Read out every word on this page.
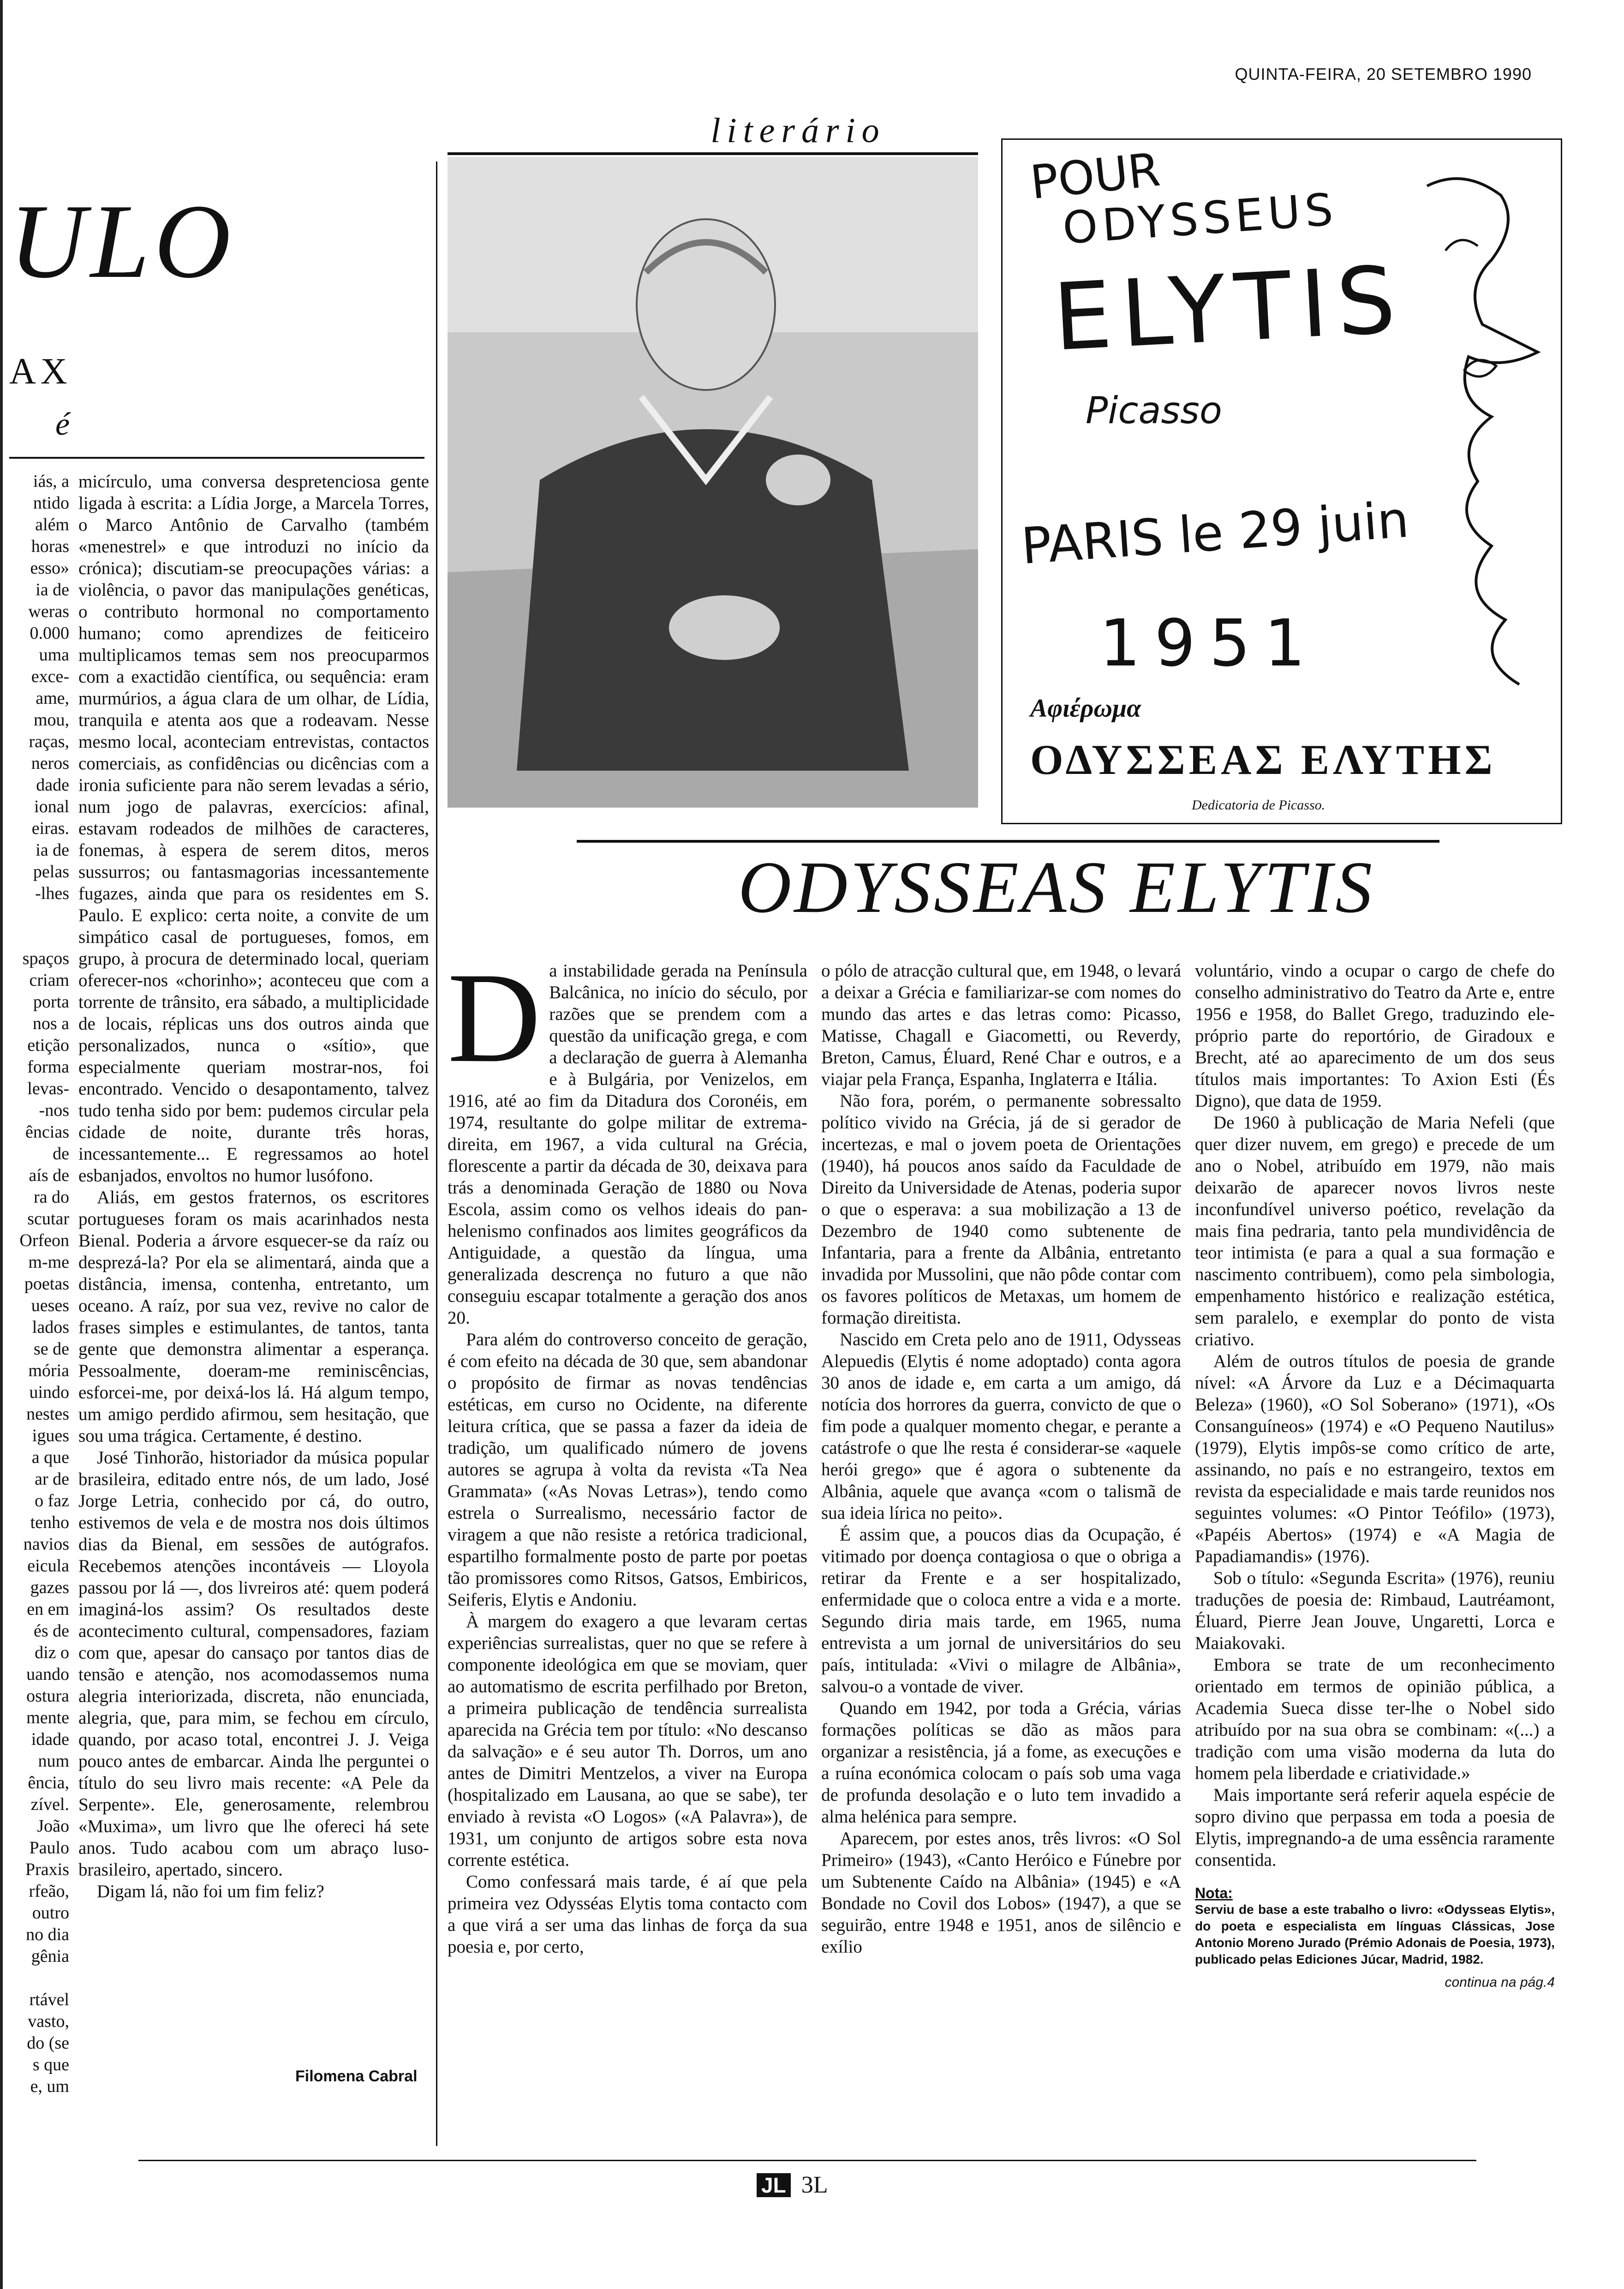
QUINTA-FEIRA, 20 SETEMBRO 1990
literário
ULO
AX
é
iás, a
ntido
além
horas
esso»
ia de
weras
0.000
uma
exce-
ame,
mou,
raças,
neros
dade
ional
eiras.
ia de
pelas
-lhes

spaços
criam
porta
nos a
etição
forma
levas-
-nos
ências
de
aís de
ra do
scutar
Orfeon
m-me
poetas
ueses
lados
se de
mória
uindo
nestes
igues
a que
ar de
o faz
tenho
navios
eicula
gazes
en em
és de
diz o
uando
ostura
mente
idade
num
ência,
zível.
João
Paulo
Praxis
rfeão,
outro
no dia
gênia

rtável
vasto,
do (se
s que
e, um

micírculo, uma conversa despretenciosa gente ligada à escrita: a Lídia Jorge, a Marcela Torres, o Marco Antônio de Carvalho (também «menestrel» e que introduzi no início da crónica); discutiam-se preocupações várias: a violência, o pavor das manipulações genéticas, o contributo hormonal no comportamento humano; como aprendizes de feiticeiro multiplicamos temas sem nos preocuparmos com a exactidão científica, ou sequência: eram murmúrios, a água clara de um olhar, de Lídia, tranquila e atenta aos que a rodeavam. Nesse mesmo local, aconteciam entrevistas, contactos comerciais, as confidências ou dicências com a ironia suficiente para não serem levadas a sério, num jogo de palavras, exercícios: afinal, estavam rodeados de milhões de caracteres, fonemas, à espera de serem ditos, meros sussurros; ou fantasmagorias incessantemente fugazes, ainda que para os residentes em S. Paulo. E explico: certa noite, a convite de um simpático casal de portugueses, fomos, em grupo, à procura de determinado local, queriam oferecer-nos «chorinho»; aconteceu que com a torrente de trânsito, era sábado, a multiplicidade de locais, réplicas uns dos outros ainda que personalizados, nunca o «sítio», que especialmente queriam mostrar-nos, foi encontrado. Vencido o desapontamento, talvez tudo tenha sido por bem: pudemos circular pela cidade de noite, durante três horas, incessantemente... E regressamos ao hotel esbanjados, envoltos no humor lusófono.

Aliás, em gestos fraternos, os escritores portugueses foram os mais acarinhados nesta Bienal. Poderia a árvore esquecer-se da raíz ou desprezá-la? Por ela se alimentará, ainda que a distância, imensa, contenha, entretanto, um oceano. A raíz, por sua vez, revive no calor de frases simples e estimulantes, de tantos, tanta gente que demonstra alimentar a esperança. Pessoalmente, doeram-me reminiscências, esforcei-me, por deixá-los lá. Há algum tempo, um amigo perdido afirmou, sem hesitação, que sou uma trágica. Certamente, é destino.

José Tinhorão, historiador da música popular brasileira, editado entre nós, de um lado, José Jorge Letria, conhecido por cá, do outro, estivemos de vela e de mostra nos dois últimos dias da Bienal, em sessões de autógrafos. Recebemos atenções incontáveis — Lloyola passou por lá —, dos livreiros até: quem poderá imaginá-los assim? Os resultados deste acontecimento cultural, compensadores, faziam com que, apesar do cansaço por tantos dias de tensão e atenção, nos acomodassemos numa alegria interiorizada, discreta, não enunciada, alegria, que, para mim, se fechou em círculo, quando, por acaso total, encontrei J. J. Veiga pouco antes de embarcar. Ainda lhe perguntei o título do seu livro mais recente: «A Pele da Serpente». Ele, generosamente, relembrou «Muxima», um livro que lhe ofereci há sete anos. Tudo acabou com um abraço luso-brasileiro, apertado, sincero.

Digam lá, não foi um fim feliz?

Filomena Cabral
POUR
ODYSSEUS
ELYTIS
Picasso
PARIS le 29 juin
1951
Αφιέρωμα
ΟΔΥΣΣΕΑΣ ΕΛΥΤΗΣ
Dedicatoria de Picasso.
ODYSSEAS ELYTIS
D a instabilidade gerada na Península Balcânica, no início do século, por razões que se prendem com a questão da unificação grega, e com a declaração de guerra à Alemanha e à Bulgária, por Venizelos, em 1916, até ao fim da Ditadura dos Coronéis, em 1974, resultante do golpe militar de extrema-direita, em 1967, a vida cultural na Grécia, florescente a partir da década de 30, deixava para trás a denominada Geração de 1880 ou Nova Escola, assim como os velhos ideais do pan-helenismo confinados aos limites geográficos da Antiguidade, a questão da língua, uma generalizada descrença no futuro a que não conseguiu escapar totalmente a geração dos anos 20.

Para além do controverso conceito de geração, é com efeito na década de 30 que, sem abandonar o propósito de firmar as novas tendências estéticas, em curso no Ocidente, na diferente leitura crítica, que se passa a fazer da ideia de tradição, um qualificado número de jovens autores se agrupa à volta da revista «Ta Nea Grammata» («As Novas Letras»), tendo como estrela o Surrealismo, necessário factor de viragem a que não resiste a retórica tradicional, espartilho formalmente posto de parte por poetas tão promissores como Ritsos, Gatsos, Embiricos, Seiferis, Elytis e Andoniu.

À margem do exagero a que levaram certas experiências surrealistas, quer no que se refere à componente ideológica em que se moviam, quer ao automatismo de escrita perfilhado por Breton, a primeira publicação de tendência surrealista aparecida na Grécia tem por título: «No descanso da salvação» e é seu autor Th. Dorros, um ano antes de Dimitri Mentzelos, a viver na Europa (hospitalizado em Lausana, ao que se sabe), ter enviado à revista «O Logos» («A Palavra»), de 1931, um conjunto de artigos sobre esta nova corrente estética.

Como confessará mais tarde, é aí que pela primeira vez Odysséas Elytis toma contacto com a que virá a ser uma das linhas de força da sua poesia e, por certo,

o pólo de atracção cultural que, em 1948, o levará a deixar a Grécia e familiarizar-se com nomes do mundo das artes e das letras como: Picasso, Matisse, Chagall e Giacometti, ou Reverdy, Breton, Camus, Éluard, René Char e outros, e a viajar pela França, Espanha, Inglaterra e Itália.

Não fora, porém, o permanente sobressalto político vivido na Grécia, já de si gerador de incertezas, e mal o jovem poeta de Orientações (1940), há poucos anos saído da Faculdade de Direito da Universidade de Atenas, poderia supor o que o esperava: a sua mobilização a 13 de Dezembro de 1940 como subtenente de Infantaria, para a frente da Albânia, entretanto invadida por Mussolini, que não pôde contar com os favores políticos de Metaxas, um homem de formação direitista.

Nascido em Creta pelo ano de 1911, Odysseas Alepuedis (Elytis é nome adoptado) conta agora 30 anos de idade e, em carta a um amigo, dá notícia dos horrores da guerra, convicto de que o fim pode a qualquer momento chegar, e perante a catástrofe o que lhe resta é considerar-se «aquele herói grego» que é agora o subtenente da Albânia, aquele que avança «com o talismã de sua ideia lírica no peito».

É assim que, a poucos dias da Ocupação, é vitimado por doença contagiosa o que o obriga a retirar da Frente e a ser hospitalizado, enfermidade que o coloca entre a vida e a morte. Segundo diria mais tarde, em 1965, numa entrevista a um jornal de universitários do seu país, intitulada: «Vivi o milagre de Albânia», salvou-o a vontade de viver.

Quando em 1942, por toda a Grécia, várias formações políticas se dão as mãos para organizar a resistência, já a fome, as execuções e a ruína económica colocam o país sob uma vaga de profunda desolação e o luto tem invadido a alma helénica para sempre.

Aparecem, por estes anos, três livros: «O Sol Primeiro» (1943), «Canto Heróico e Fúnebre por um Subtenente Caído na Albânia» (1945) e «A Bondade no Covil dos Lobos» (1947), a que se seguirão, entre 1948 e 1951, anos de silêncio e exílio

voluntário, vindo a ocupar o cargo de chefe do conselho administrativo do Teatro da Arte e, entre 1956 e 1958, do Ballet Grego, traduzindo ele-próprio parte do reportório, de Giradoux e Brecht, até ao aparecimento de um dos seus títulos mais importantes: To Axion Esti (És Digno), que data de 1959.

De 1960 à publicação de Maria Nefeli (que quer dizer nuvem, em grego) e precede de um ano o Nobel, atribuído em 1979, não mais deixarão de aparecer novos livros neste inconfundível universo poético, revelação da mais fina pedraria, tanto pela mundividência de teor intimista (e para a qual a sua formação e nascimento contribuem), como pela simbologia, empenhamento histórico e realização estética, sem paralelo, e exemplar do ponto de vista criativo.

Além de outros títulos de poesia de grande nível: «A Árvore da Luz e a Décimaquarta Beleza» (1960), «O Sol Soberano» (1971), «Os Consanguíneos» (1974) e «O Pequeno Nautilus» (1979), Elytis impôs-se como crítico de arte, assinando, no país e no estrangeiro, textos em revista da especialidade e mais tarde reunidos nos seguintes volumes: «O Pintor Teófilo» (1973), «Papéis Abertos» (1974) e «A Magia de Papadiamandis» (1976).

Sob o título: «Segunda Escrita» (1976), reuniu traduções de poesia de: Rimbaud, Lautréamont, Éluard, Pierre Jean Jouve, Ungaretti, Lorca e Maiakovaki.

Embora se trate de um reconhecimento orientado em termos de opinião pública, a Academia Sueca disse ter-lhe o Nobel sido atribuído por na sua obra se combinam: «(...) a tradição com uma visão moderna da luta do homem pela liberdade e criatividade.»

Mais importante será referir aquela espécie de sopro divino que perpassa em toda a poesia de Elytis, impregnando-a de uma essência raramente consentida.

Nota:
Serviu de base a este trabalho o livro: «Odysseas Elytis», do poeta e especialista em línguas Clássicas, Jose Antonio Moreno Jurado (Prémio Adonais de Poesia, 1973), publicado pelas Ediciones Júcar, Madrid, 1982.
continua na pág.4
JL 3L
